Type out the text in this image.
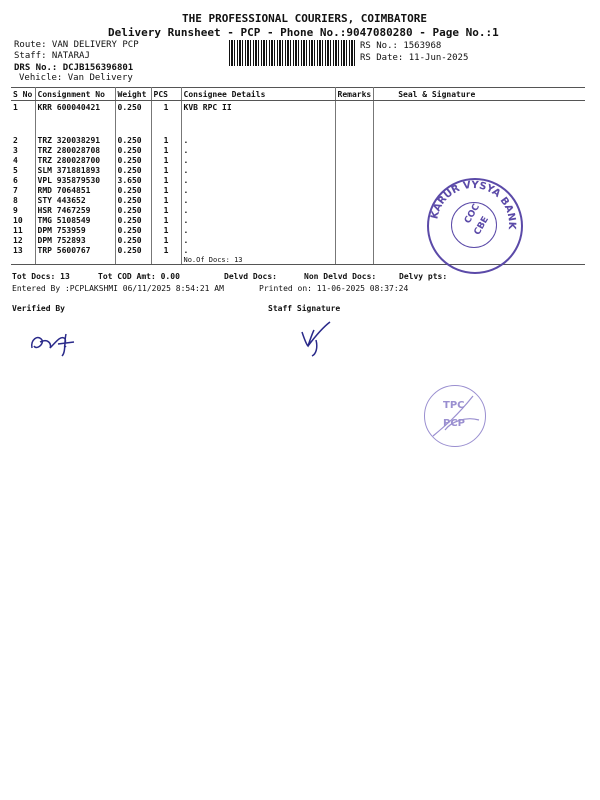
THE PROFESSIONAL COURIERS, COIMBATORE
Delivery Runsheet - PCP - Phone No.:9047080280 - Page No.:1
Route: VAN DELIVERY PCP
Staff: NATARAJ
DRS No.: DCJB156396801
Vehicle: Van Delivery
RS No.: 1563968
RS Date: 11-Jun-2025
S No	Consignment No	Weight	PCS	Consignee Details	Remarks	Seal & Signature
1	KRR 600040421	0.250	1	KVB RPC II		

2	TRZ 320038291	0.250	1	.		
3	TRZ 280028708	0.250	1	.		
4	TRZ 280028700	0.250	1	.		
5	SLM 371881893	0.250	1	.		
6	VPL 935879530	3.650	1	.		
7	RMD 7064851	0.250	1	.		
8	STY 443652	0.250	1	.		
9	HSR 7467259	0.250	1	.		
10	TMG 5108549	0.250	1	.		
11	DPM 753959	0.250	1	.		
12	DPM 752893	0.250	1	.		
13	TRP 5600767	0.250	1	.		
				No.Of Docs: 13		
Tot Docs: 13	Tot COD Amt: 0.00	Delvd Docs:	Non Delvd Docs:	Delvy pts:
Entered By :PCPLAKSHMI 06/11/2025 8:54:21 AM	Printed on: 11-06-2025 08:37:24
Verified By	Staff Signature
KARUR VYSYA BANK
COC
CBE
TPC
PCP
